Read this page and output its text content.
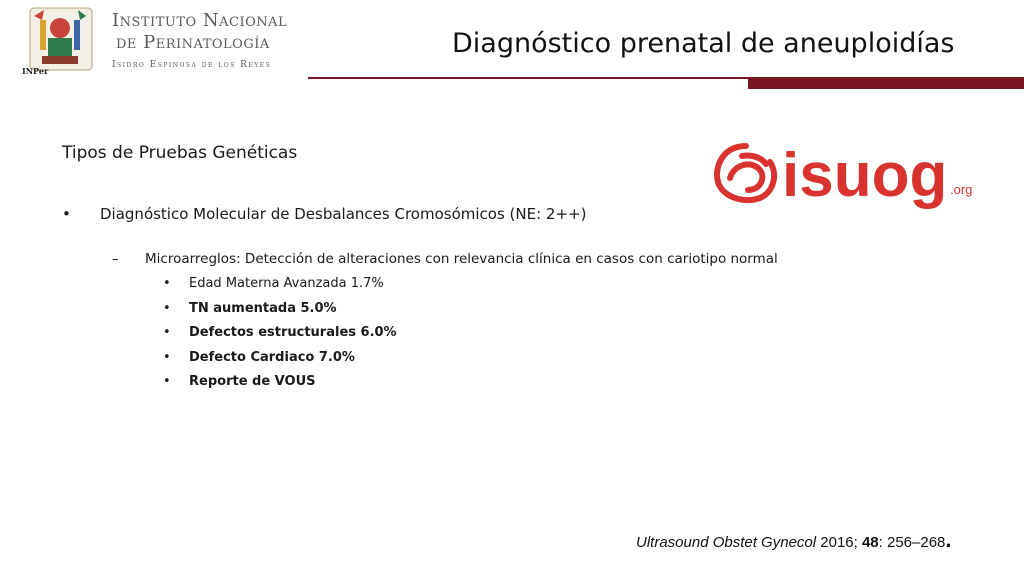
INPer
Instituto Nacional
de Perinatología
Isidro Espinosa de los Reyes
Diagnóstico prenatal de aneuploidías
Tipos de Pruebas Genéticas	isuog .org
• Diagnóstico Molecular de Desbalances Cromosómicos (NE: 2++)
– Microarreglos: Detección de alteraciones con relevancia clínica en casos con cariotipo normal
• Edad Materna Avanzada 1.7%
• TN aumentada 5.0%
• Defectos estructurales 6.0%
• Defecto Cardiaco 7.0%
• Reporte de VOUS
Ultrasound Obstet Gynecol 2016; 48: 256–268.
